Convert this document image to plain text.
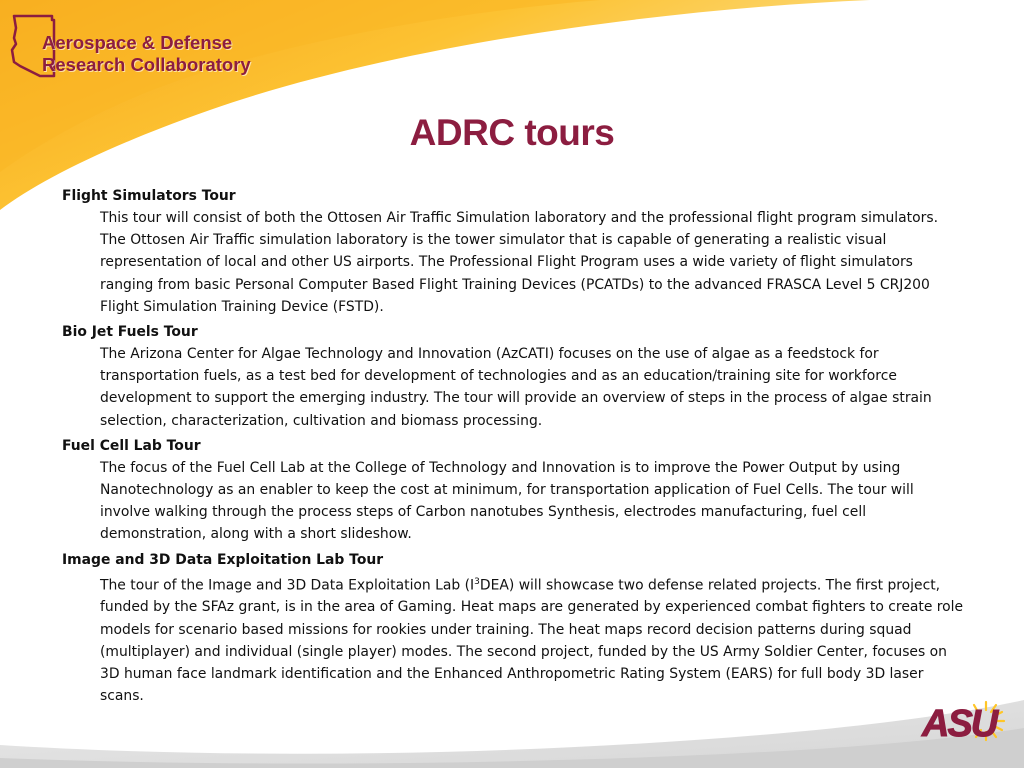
Aerospace & Defense
Research Collaboratory
ADRC tours
Flight Simulators Tour
This tour will consist of both the Ottosen Air Traffic Simulation laboratory and the professional flight program simulators. The Ottosen Air Traffic simulation laboratory is the tower simulator that is capable of generating a realistic visual representation of local and other US airports. The Professional Flight Program uses a wide variety of flight simulators ranging from basic Personal Computer Based Flight Training Devices (PCATDs) to the advanced FRASCA Level 5 CRJ200 Flight Simulation Training Device (FSTD).
Bio Jet Fuels Tour
The Arizona Center for Algae Technology and Innovation (AzCATI) focuses on the use of algae as a feedstock for transportation fuels, as a test bed for development of technologies and as an education/training site for workforce development to support the emerging industry. The tour will provide an overview of steps in the process of algae strain selection, characterization, cultivation and biomass processing.
Fuel Cell Lab Tour
The focus of the Fuel Cell Lab at the College of Technology and Innovation is to improve the Power Output by using Nanotechnology as an enabler to keep the cost at minimum, for transportation application of Fuel Cells. The tour will involve walking through the process steps of Carbon nanotubes Synthesis, electrodes manufacturing, fuel cell demonstration, along with a short slideshow.
Image and 3D Data Exploitation Lab Tour
The tour of the Image and 3D Data Exploitation Lab $(I^3DEA)$ will showcase two defense related projects. The first project, funded by the SFAz grant, is in the area of Gaming. Heat maps are generated by experienced combat fighters to create role models for scenario based missions for rookies under training. The heat maps record decision patterns during squad (multiplayer) and individual (single player) modes. The second project, funded by the US Army Soldier Center, focuses on 3D human face landmark identification and the Enhanced Anthropometric Rating System (EARS) for full body 3D laser scans.
ASU
